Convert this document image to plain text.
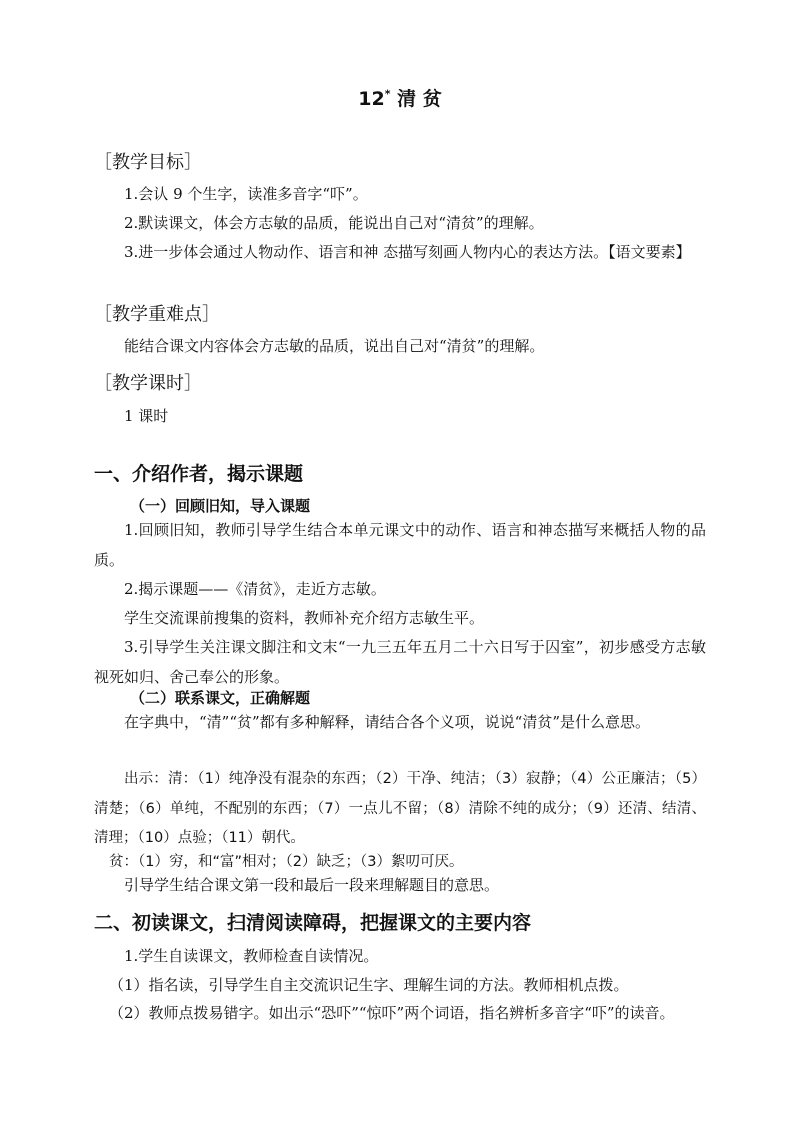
12* 清 贫
［教学目标］

1.会认 9 个生字，读准多音字“吓”。

2.默读课文，体会方志敏的品质，能说出自己对“清贫”的理解。

3.进一步体会通过人物动作、语言和神 态描写刻画人物内心的表达方法。【语文要素】

［教学重难点］

能结合课文内容体会方志敏的品质，说出自己对“清贫”的理解。

［教学课时］

1 课时

一、介绍作者，揭示课题
（一）回顾旧知，导入课题

1.回顾旧知，教师引导学生结合本单元课文中的动作、语言和神态描写来概括人物的品质。

2.揭示课题——《清贫》，走近方志敏。

学生交流课前搜集的资料，教师补充介绍方志敏生平。

3.引导学生关注课文脚注和文末“一九三五年五月二十六日写于囚室”，初步感受方志敏视死如归、舍己奉公的形象。

（二）联系课文，正确解题

在字典中，“清”“贫”都有多种解释，请结合各个义项，说说“清贫”是什么意思。

出示：清：（1）纯净没有混杂的东西；（2）干净、纯洁；（3）寂静；（4）公正廉洁；（5）清楚；（6）单纯，不配别的东西；（7）一点儿不留；（8）清除不纯的成分；（9）还清、结清、清理；（10）点验；（11）朝代。

贫：（1）穷，和“富”相对；（2）缺乏；（3）絮叨可厌。

引导学生结合课文第一段和最后一段来理解题目的意思。

二、初读课文，扫清阅读障碍，把握课文的主要内容

1.学生自读课文，教师检查自读情况。

（1）指名读，引导学生自主交流识记生字、理解生词的方法。教师相机点拨。

（2）教师点拨易错字。如出示“恐吓”“惊吓”两个词语，指名辨析多音字“吓”的读音。
